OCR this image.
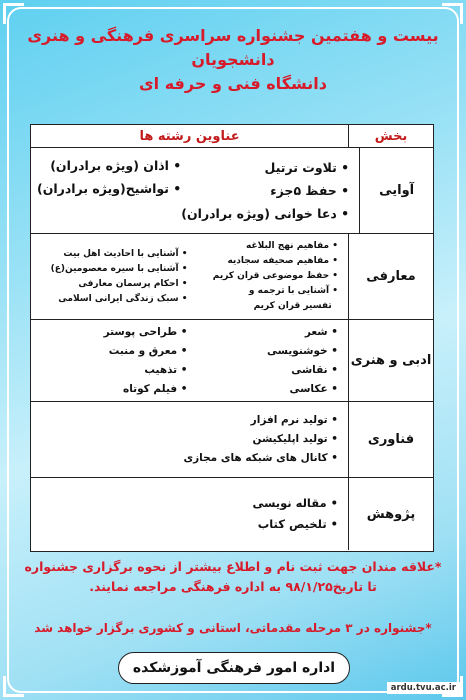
بیست و هفتمین جشنواره سراسری فرهنگی و هنری دانشجویان
دانشگاه فنی و حرفه ای
بخش
عناوین رشته ها
آوایی
• تلاوت ترتیل
• حفظ ۵جزء
• دعا خوانی (ویژه برادران)
• اذان (ویژه برادران)
• تواشیح(ویژه برادران)
معارفی
• مفاهیم نهج البلاغه
• مفاهیم صحیفه سجادیه
• حفظ موضوعی قران کریم
• آشنایی با ترجمه و
تفسیر قران کریم
• آشنایی با احادیث اهل بیت
• آشنایی با سیره معصومین(ع)
• احکام پرسمان معارفی
• سبک زندگی ایرانی اسلامی
ادبی و هنری
• شعر
• خوشنویسی
• نقاشی
• عکاسی
• طراحی پوستر
• معرق و منبت
• تذهیب
• فیلم کوتاه
فناوری
• تولید نرم افزار
• تولید اپلیکیشن
• کانال های شبکه های مجازی
پژوهش
• مقاله نویسی
• تلخیص کتاب
*علاقه مندان جهت ثبت نام و اطلاع بیشتر از نحوه برگزاری جشنواره
تا تاریخ۹۸/۱/۲۵ به اداره فرهنگی مراجعه نمایند.
*جشنواره در ۳ مرحله مقدماتی، استانی و کشوری برگزار خواهد شد
اداره امور فرهنگی آموزشکده
ardu.tvu.ac.ir
